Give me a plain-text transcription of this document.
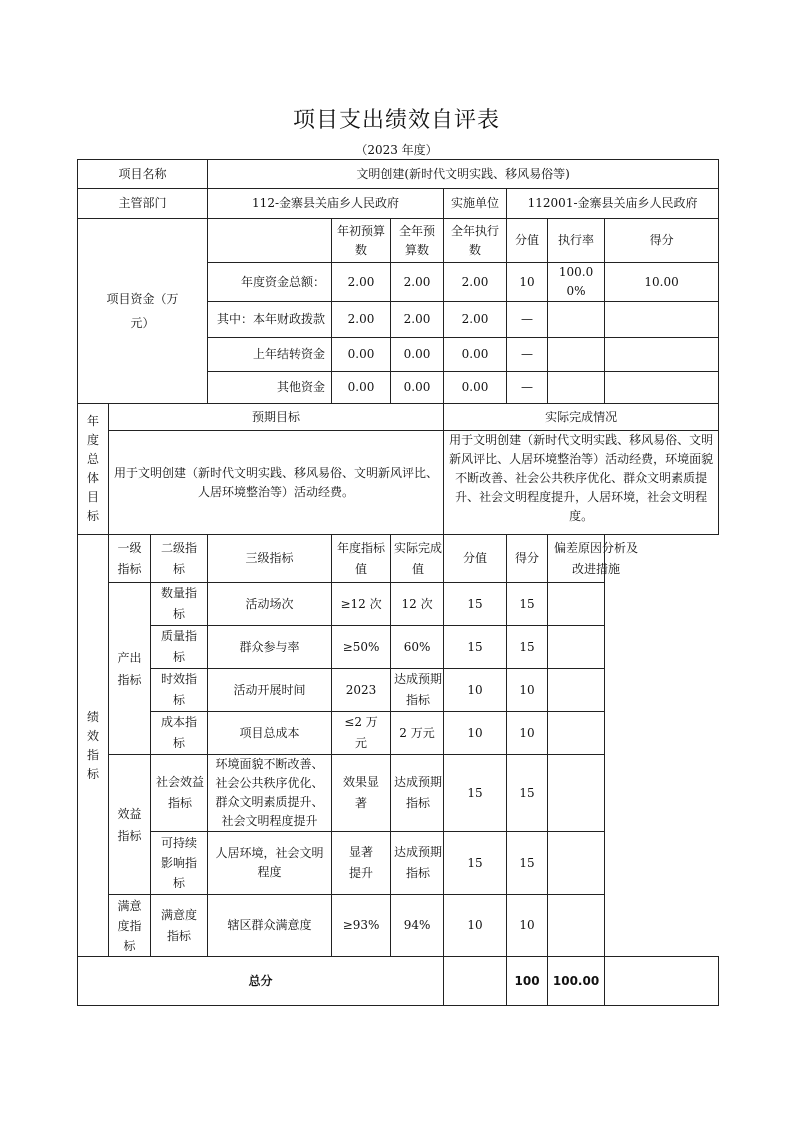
项目支出绩效自评表
（2023 年度）
项目名称			文明创建(新时代文明实践、移风易俗等)						
主管部门			112-金寨县关庙乡人民政府			实施单位	112001-金寨县关庙乡人民政府		

项目资金（万元）				年初预算数	全年预算数	全年执行数	分值	执行率	得分
			年度资金总额：	2.00	2.00	2.00	10	100.00%	10.00
			其中：本年财政拨款	2.00	2.00	2.00	—		
			上年结转资金	0.00	0.00	0.00	—		
			其他资金	0.00	0.00	0.00	—		

年度总体目标	预期目标					实际完成情况			
	用于文明创建（新时代文明实践、移风易俗、文明新风评比、人居环境整治等）活动经费。					用于文明创建（新时代文明实践、移风易俗、文明新风评比、人居环境整治等）活动经费，环境面貌不断改善、社会公共秩序优化、群众文明素质提升、社会文明程度提升，人居环境，社会文明程度。			

绩效指标	一级指标	二级指标	三级指标	年度指标值	实际完成值	分值	得分	偏差原因分析及改进措施	

	产出指标	数量指标	活动场次	≥12 次	12 次	15	15		

		质量指标	群众参与率	≥50%	60%	15	15		

		时效指标	活动开展时间	2023	达成预期指标	10	10		

		成本指标	项目总成本	≤2 万元	2 万元	10	10		

	效益指标	社会效益指标	环境面貌不断改善、社会公共秩序优化、群众文明素质提升、社会文明程度提升	效果显著	达成预期指标	15	15		

		可持续影响指标	人居环境，社会文明程度	显著提升	达成预期指标	15	15		

	满意度指标	满意度指标	辖区群众满意度	≥93%	94%	10	10		
总分							100	100.00	
